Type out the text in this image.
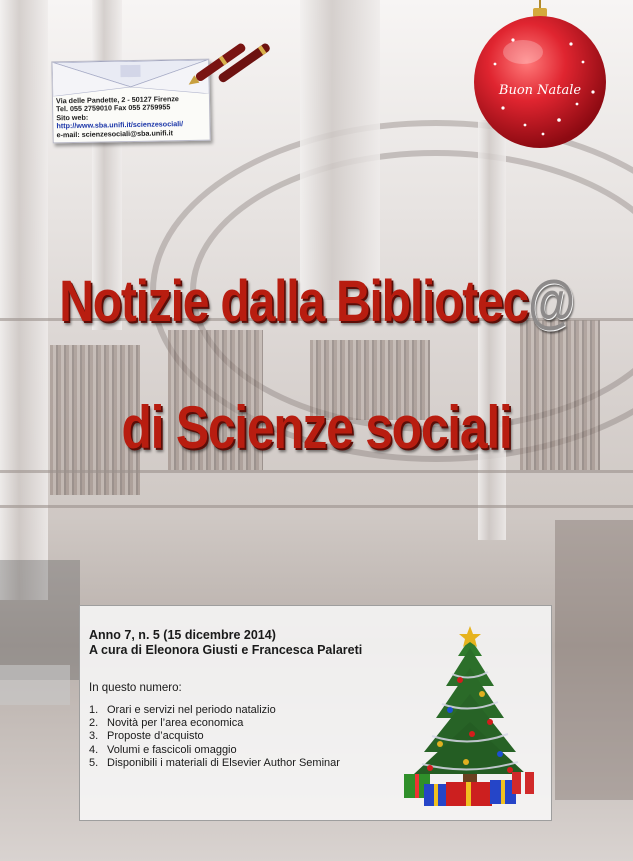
Via delle Pandette, 2 - 50127 Firenze
Tel. 055 2759010 Fax 055 2759955
Sito web:
http://www.sba.unifi.it/scienzesociali/
e-mail: scienzesociali@sba.unifi.it
Buon Natale
Notizie dalla Bibliotec@
di Scienze sociali
Anno 7, n. 5 (15 dicembre 2014)
A cura di Eleonora Giusti e Francesca Palareti
In questo numero:
1. Orari e servizi nel periodo natalizio
2. Novità per l’area economica
3. Proposte d’acquisto
4. Volumi e fascicoli omaggio
5. Disponibili i materiali di Elsevier Author Seminar
